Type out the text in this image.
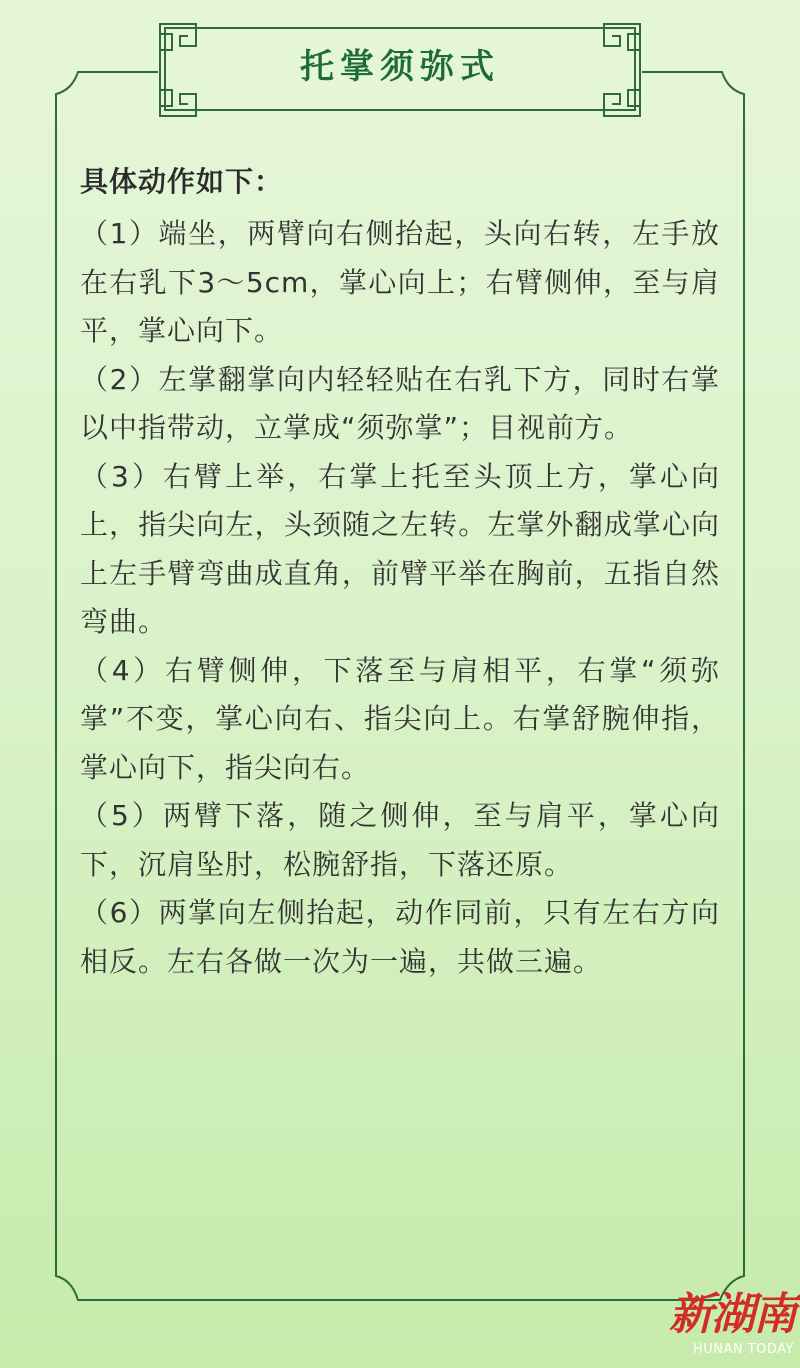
托掌须弥式
具体动作如下：

（1）端坐，两臂向右侧抬起，头向右转，左手放在右乳下3～5cm，掌心向上；右臂侧伸，至与肩平，掌心向下。

（2）左掌翻掌向内轻轻贴在右乳下方，同时右掌以中指带动，立掌成“须弥掌”；目视前方。

（3）右臂上举，右掌上托至头顶上方，掌心向上，指尖向左，头颈随之左转。左掌外翻成掌心向上左手臂弯曲成直角，前臂平举在胸前，五指自然弯曲。

（4）右臂侧伸，下落至与肩相平，右掌“须弥掌”不变，掌心向右、指尖向上。右掌舒腕伸指，掌心向下，指尖向右。

（5）两臂下落，随之侧伸，至与肩平，掌心向下，沉肩坠肘，松腕舒指，下落还原。

（6）两掌向左侧抬起，动作同前，只有左右方向相反。左右各做一次为一遍，共做三遍。

新湖南
HUNAN TODAY
